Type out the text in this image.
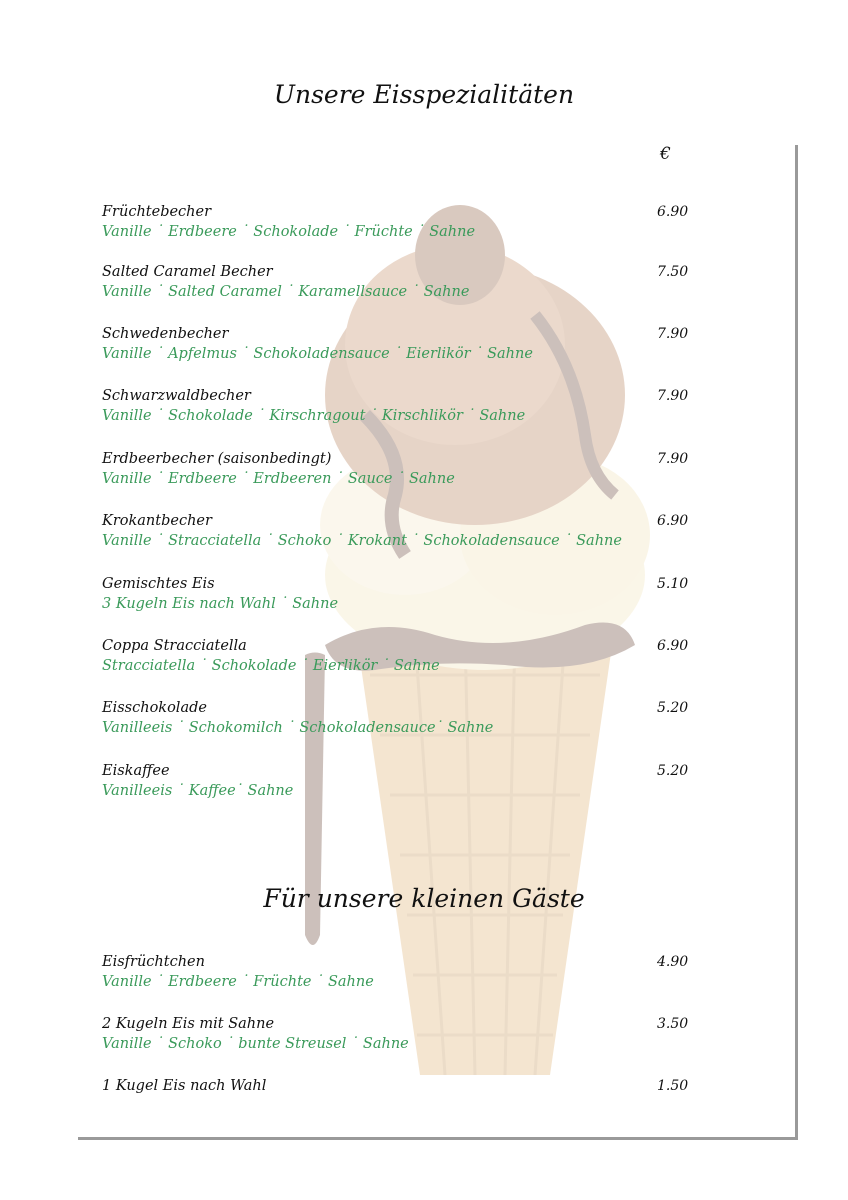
Unsere Eisspezialitäten
€
Früchtebecher
Vanille ˙ Erdbeere ˙ Schokolade ˙ Früchte ˙ Sahne
6.90
Salted Caramel Becher
Vanille ˙ Salted Caramel ˙ Karamellsauce ˙ Sahne
7.50
Schwedenbecher
Vanille ˙ Apfelmus ˙ Schokoladensauce ˙ Eierlikör ˙ Sahne
7.90
Schwarzwaldbecher
Vanille ˙ Schokolade ˙ Kirschragout ˙ Kirschlikör ˙ Sahne
7.90
Erdbeerbecher (saisonbedingt)
Vanille ˙ Erdbeere ˙ Erdbeeren ˙ Sauce ˙ Sahne
7.90
Krokantbecher
Vanille ˙ Stracciatella ˙ Schoko ˙ Krokant ˙ Schokoladensauce ˙ Sahne
6.90
Gemischtes Eis
3 Kugeln Eis nach Wahl ˙ Sahne
5.10
Coppa Stracciatella
Stracciatella ˙ Schokolade ˙ Eierlikör ˙ Sahne
6.90
Eisschokolade
Vanilleeis ˙ Schokomilch ˙ Schokoladensauce˙ Sahne
5.20
Eiskaffee
Vanilleeis ˙ Kaffee˙ Sahne
5.20
Für unsere kleinen Gäste
Eisfrüchtchen
Vanille ˙ Erdbeere ˙ Früchte ˙ Sahne
4.90
2 Kugeln Eis mit Sahne
Vanille ˙ Schoko ˙ bunte Streusel ˙ Sahne
3.50
1 Kugel Eis nach Wahl	1.50
